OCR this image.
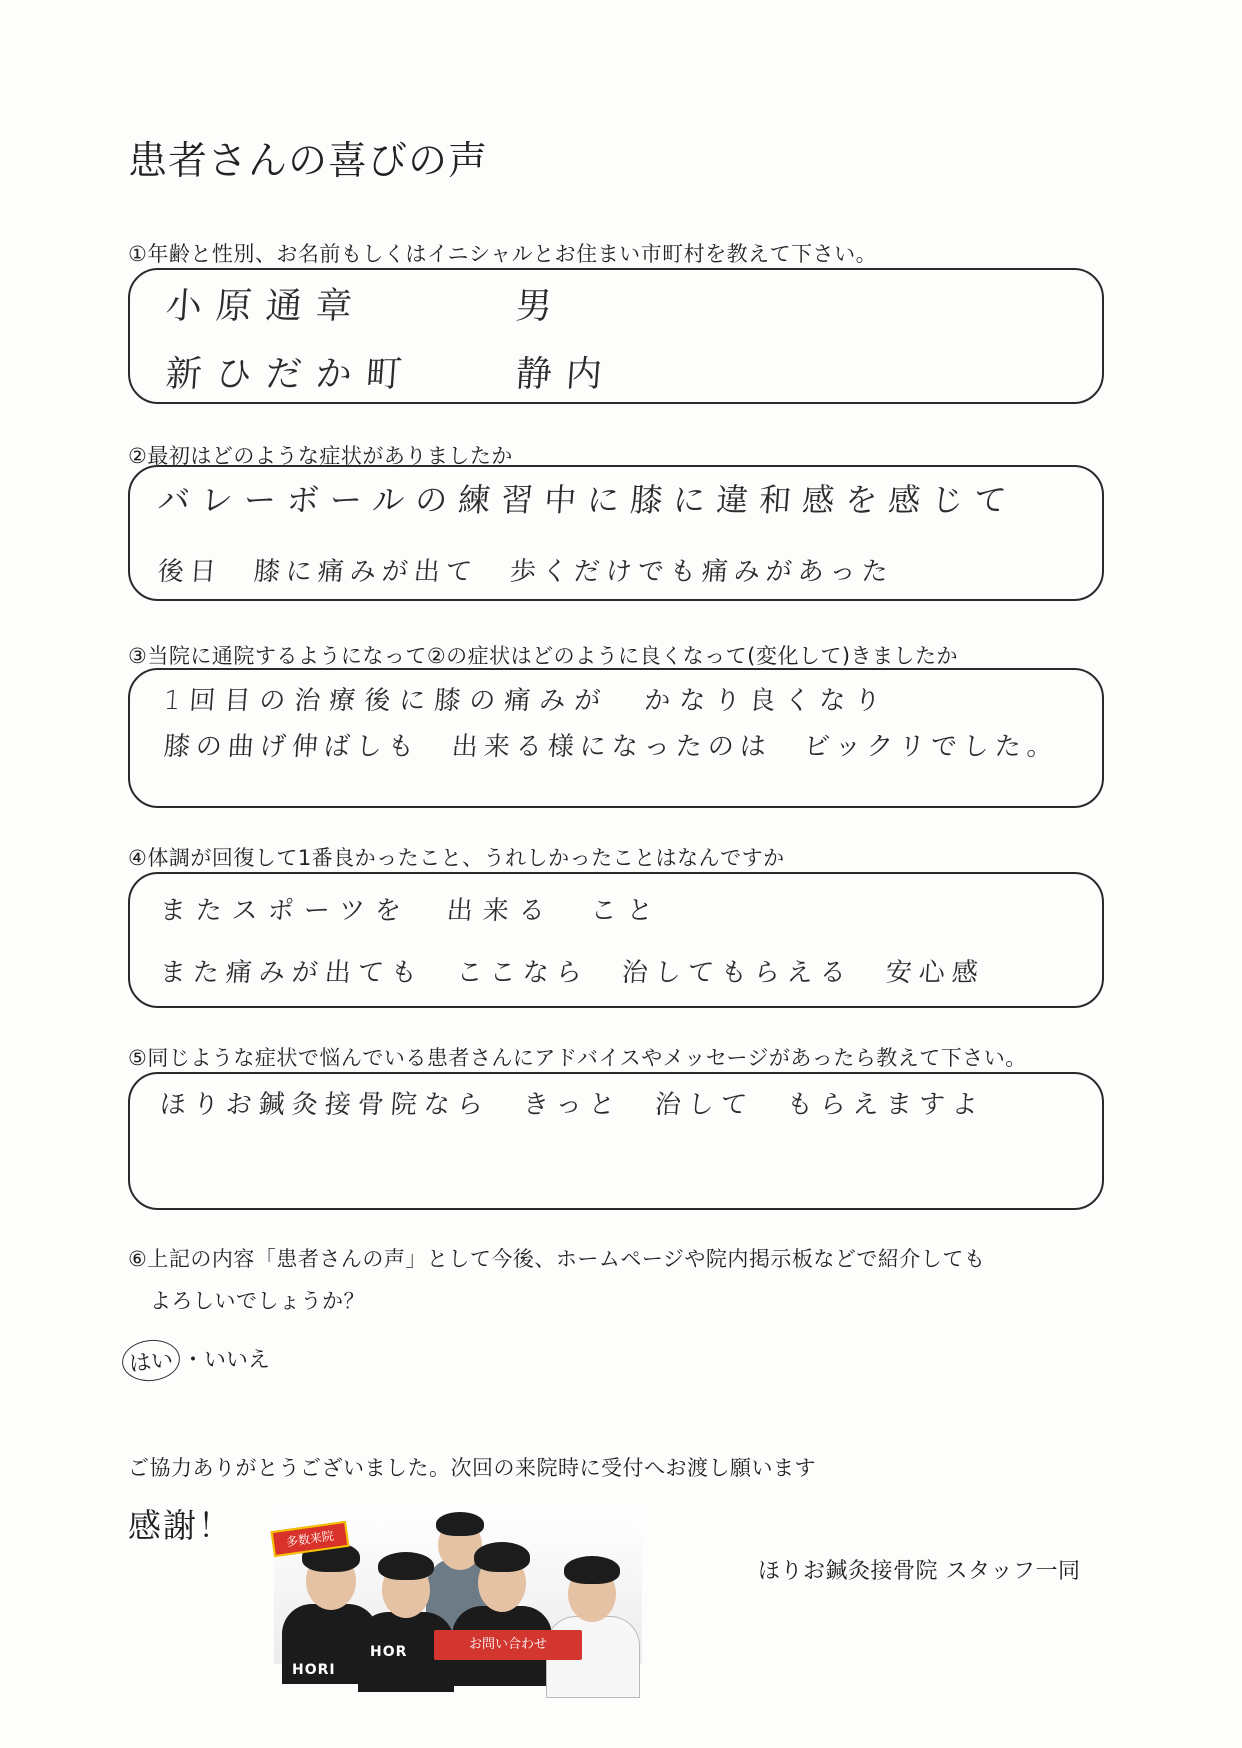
患者さんの喜びの声
①年齢と性別、お名前もしくはイニシャルとお住まい市町村を教えて下さい。
小原通章　　　男
新ひだか町　　静内
②最初はどのような症状がありましたか
バレーボールの練習中に膝に違和感を感じて
後日　膝に痛みが出て　歩くだけでも痛みがあった
③当院に通院するようになって②の症状はどのように良くなって(変化して)きましたか
1回目の治療後に膝の痛みが　かなり良くなり
膝の曲げ伸ばしも　出来る様になったのは　ビックリでした。
④体調が回復して1番良かったこと、うれしかったことはなんですか
またスポーツを　出来る　こと
また痛みが出ても　ここなら　治してもらえる　安心感
⑤同じような症状で悩んでいる患者さんにアドバイスやメッセージがあったら教えて下さい。
ほりお鍼灸接骨院なら　きっと　治して　もらえますよ
⑥上記の内容「患者さんの声」として今後、ホームページや院内掲示板などで紹介しても
よろしいでしょうか？
はい ・いいえ
ご協力ありがとうございました。次回の来院時に受付へお渡し願います
感謝！
ほりお鍼灸接骨院 スタッフ一同
HORI
HOR
多数来院
お問い合わせ
